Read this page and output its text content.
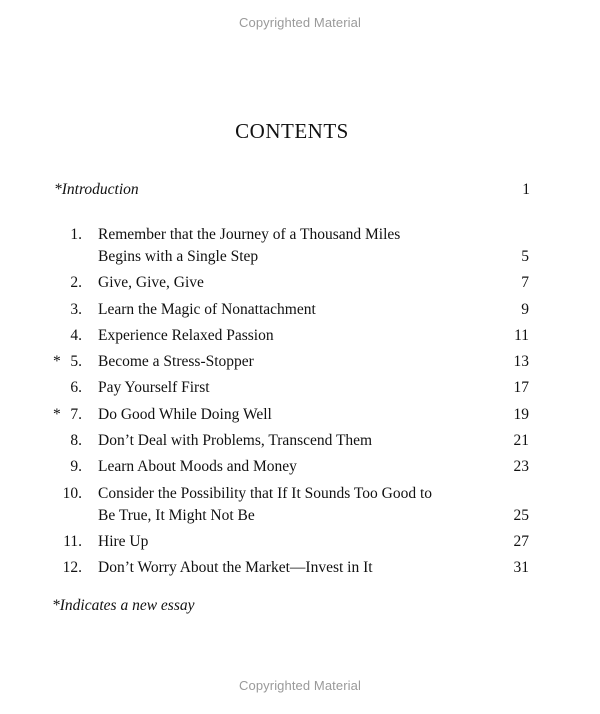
Copyrighted Material
CONTENTS
*Introduction	1
1. Remember that the Journey of a Thousand Miles
Begins with a Single Step	5
2. Give, Give, Give	7
3. Learn the Magic of Nonattachment	9
4. Experience Relaxed Passion	11
* 5. Become a Stress-Stopper	13
6. Pay Yourself First	17
* 7. Do Good While Doing Well	19
8. Don’t Deal with Problems, Transcend Them	21
9. Learn About Moods and Money	23
10. Consider the Possibility that If It Sounds Too Good to
Be True, It Might Not Be	25
11. Hire Up	27
12. Don’t Worry About the Market—Invest in It	31
*Indicates a new essay
Copyrighted Material
